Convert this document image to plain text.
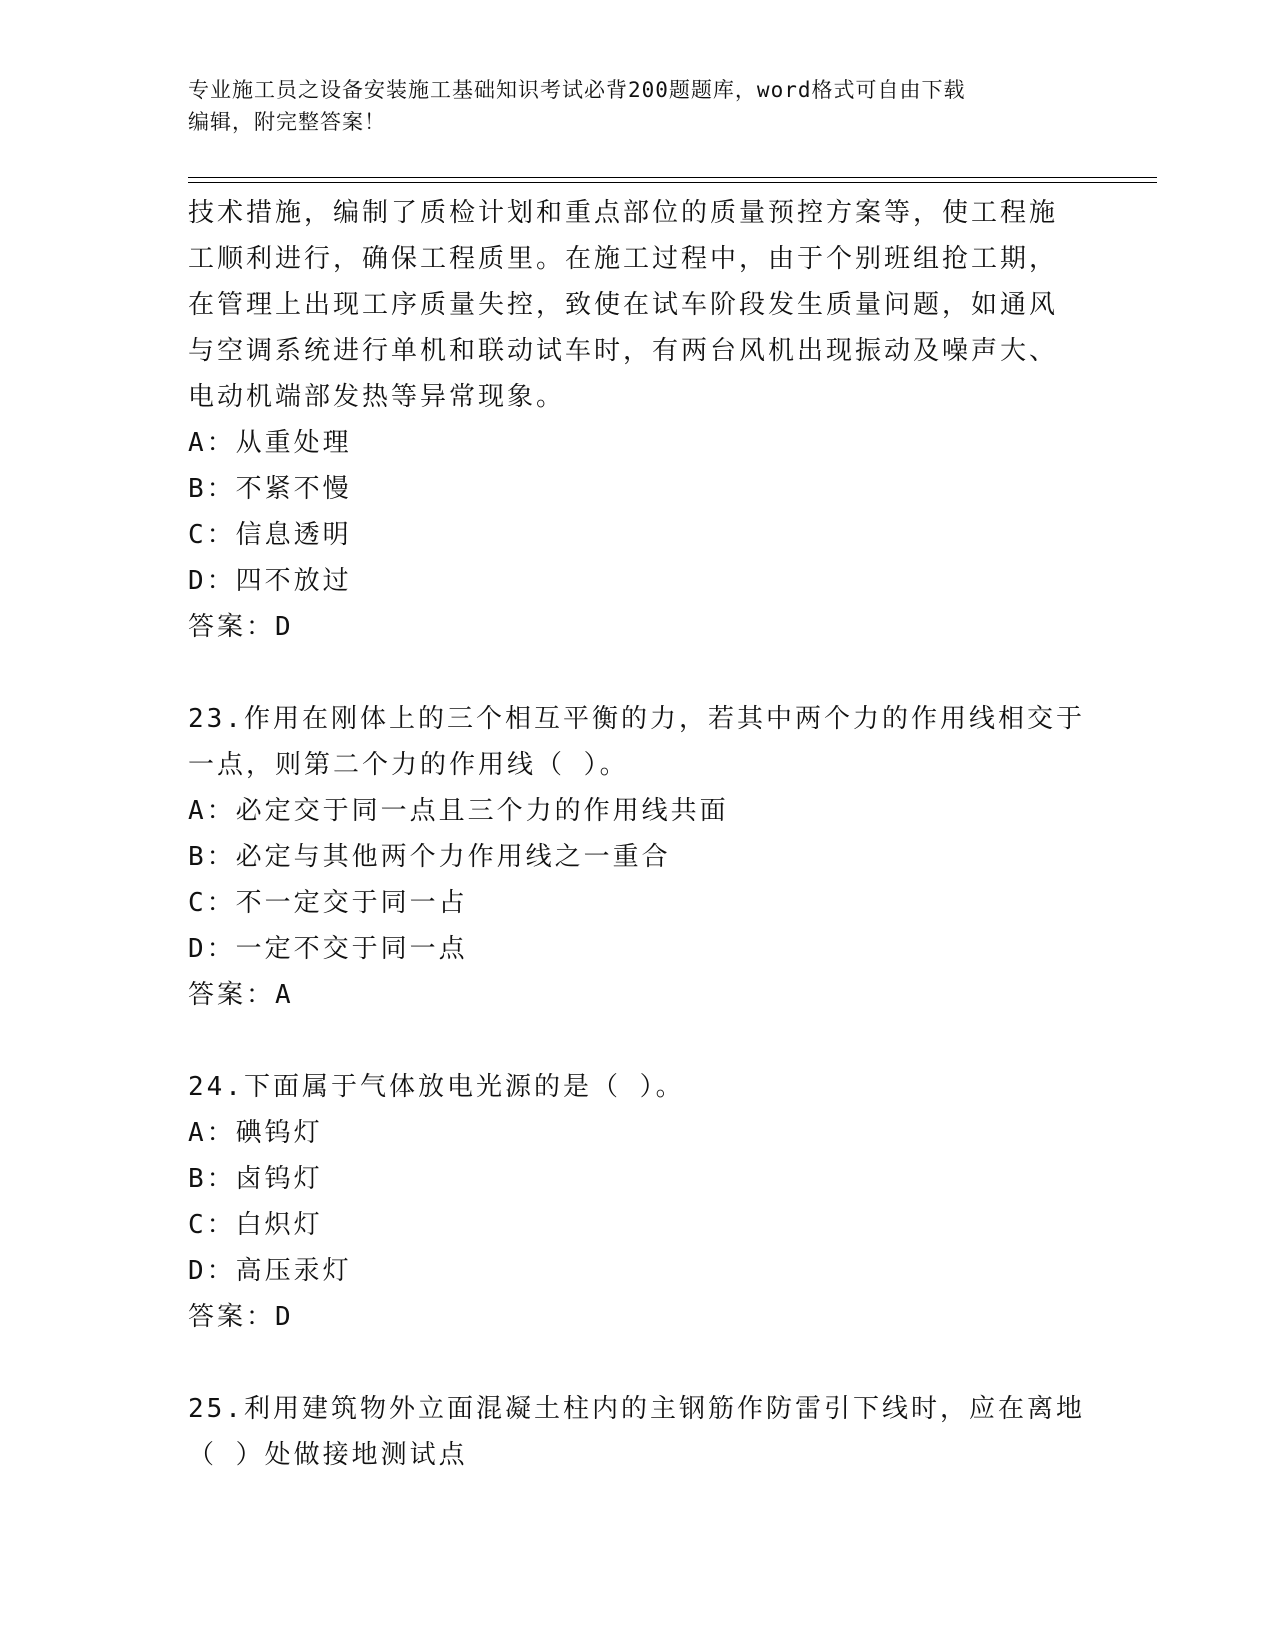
专业施工员之设备安装施工基础知识考试必背200题题库，word格式可自由下载
编辑，附完整答案！
技术措施，编制了质检计划和重点部位的质量预控方案等，使工程施
工顺利进行，确保工程质里。在施工过程中，由于个别班组抢工期，
在管理上出现工序质量失控，致使在试车阶段发生质量问题，如通风
与空调系统进行单机和联动试车时，有两台风机出现振动及噪声大、
电动机端部发热等异常现象。
A：从重处理
B：不紧不慢
C：信息透明
D：四不放过
答案：D
23.作用在刚体上的三个相互平衡的力，若其中两个力的作用线相交于
一点，则第二个力的作用线（ ）。
A：必定交于同一点且三个力的作用线共面
B：必定与其他两个力作用线之一重合
C：不一定交于同一占
D：一定不交于同一点
答案：A
24.下面属于气体放电光源的是（ ）。
A：碘钨灯
B：卤钨灯
C：白炽灯
D：高压汞灯
答案：D
25.利用建筑物外立面混凝土柱内的主钢筋作防雷引下线时，应在离地
（ ）处做接地测试点
